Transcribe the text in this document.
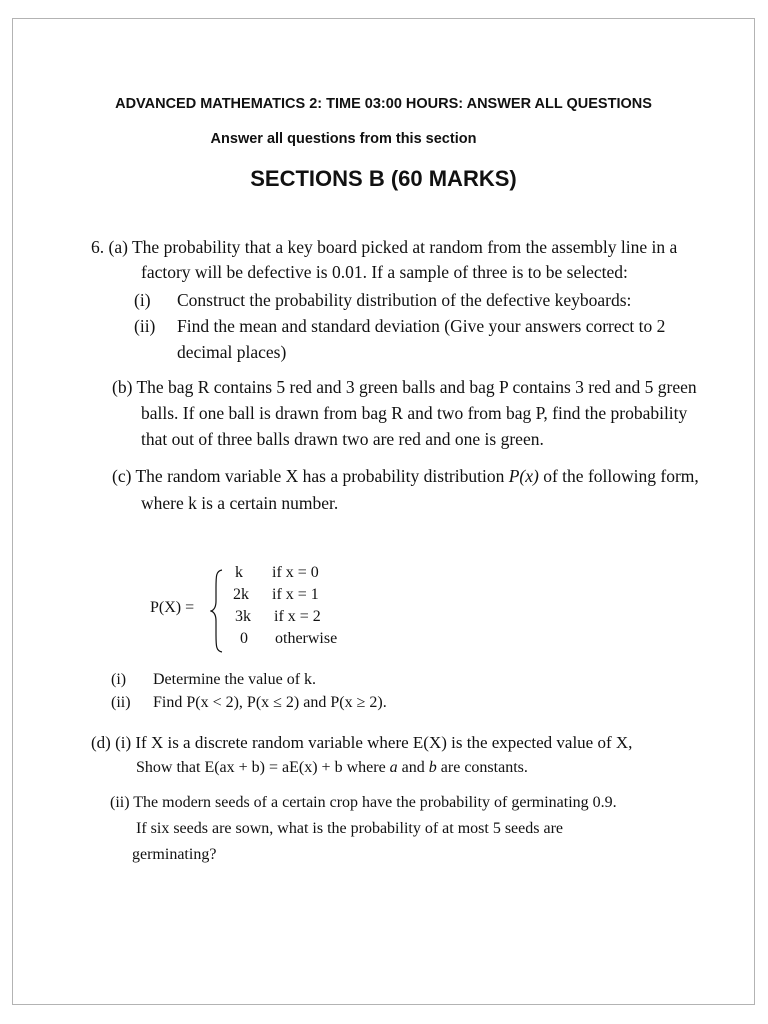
ADVANCED MATHEMATICS 2: TIME 03:00 HOURS: ANSWER ALL QUESTIONS
Answer all questions from this section
SECTIONS B (60 MARKS)
6. (a) The probability that a key board picked at random from the assembly line in a
factory will be defective is 0.01. If a sample of three is to be selected:
(i) Construct the probability distribution of the defective keyboards:
(ii) Find the mean and standard deviation (Give your answers correct to 2
decimal places)
(b) The bag R contains 5 red and 3 green balls and bag P contains 3 red and 5 green
balls. If one ball is drawn from bag R and two from bag P, find the probability
that out of three balls drawn two are red and one is green.
(c) The random variable X has a probability distribution P(x) of the following form,
where k is a certain number.
P(X) =
k if x = 0
2k if x = 1
3k if x = 2
0 otherwise
(i) Determine the value of k.
(ii) Find P(x < 2), P(x ≤ 2) and P(x ≥ 2).
(d) (i) If X is a discrete random variable where E(X) is the expected value of X,
Show that E(ax + b) = aE(x) + b where a and b are constants.
(ii) The modern seeds of a certain crop have the probability of germinating 0.9.
If six seeds are sown, what is the probability of at most 5 seeds are
germinating?
